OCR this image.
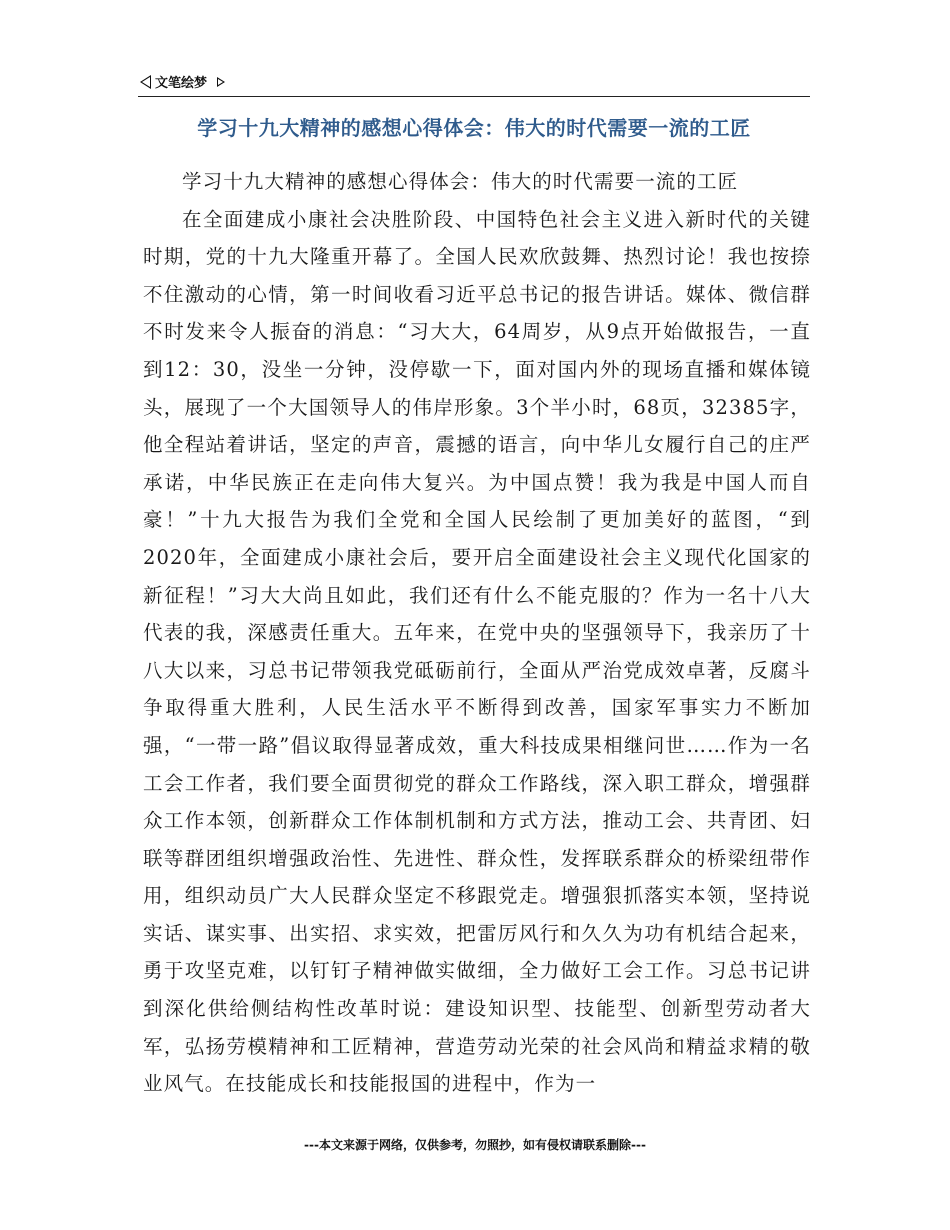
文笔绘梦
学习十九大精神的感想心得体会：伟大的时代需要一流的工匠

学习十九大精神的感想心得体会：伟大的时代需要一流的工匠

在全面建成小康社会决胜阶段、中国特色社会主义进入新时代的关键时期，党的十九大隆重开幕了。全国人民欢欣鼓舞、热烈讨论！我也按捺不住激动的心情，第一时间收看习近平总书记的报告讲话。媒体、微信群不时发来令人振奋的消息：“习大大，64周岁，从9点开始做报告，一直到12：30，没坐一分钟，没停歇一下，面对国内外的现场直播和媒体镜头，展现了一个大国领导人的伟岸形象。3个半小时，68页，32385字，他全程站着讲话，坚定的声音，震撼的语言，向中华儿女履行自己的庄严承诺，中华民族正在走向伟大复兴。为中国点赞！我为我是中国人而自豪！”十九大报告为我们全党和全国人民绘制了更加美好的蓝图，“到2020年，全面建成小康社会后，要开启全面建设社会主义现代化国家的新征程！”习大大尚且如此，我们还有什么不能克服的？作为一名十八大代表的我，深感责任重大。五年来，在党中央的坚强领导下，我亲历了十八大以来，习总书记带领我党砥砺前行，全面从严治党成效卓著，反腐斗争取得重大胜利，人民生活水平不断得到改善，国家军事实力不断加强，“一带一路”倡议取得显著成效，重大科技成果相继问世……作为一名工会工作者，我们要全面贯彻党的群众工作路线，深入职工群众，增强群众工作本领，创新群众工作体制机制和方式方法，推动工会、共青团、妇联等群团组织增强政治性、先进性、群众性，发挥联系群众的桥梁纽带作用，组织动员广大人民群众坚定不移跟党走。增强狠抓落实本领，坚持说实话、谋实事、出实招、求实效，把雷厉风行和久久为功有机结合起来，勇于攻坚克难，以钉钉子精神做实做细，全力做好工会工作。习总书记讲到深化供给侧结构性改革时说：建设知识型、技能型、创新型劳动者大军，弘扬劳模精神和工匠精神，营造劳动光荣的社会风尚和精益求精的敬业风气。在技能成长和技能报国的进程中，作为一

---本文来源于网络，仅供参考，勿照抄，如有侵权请联系删除---
